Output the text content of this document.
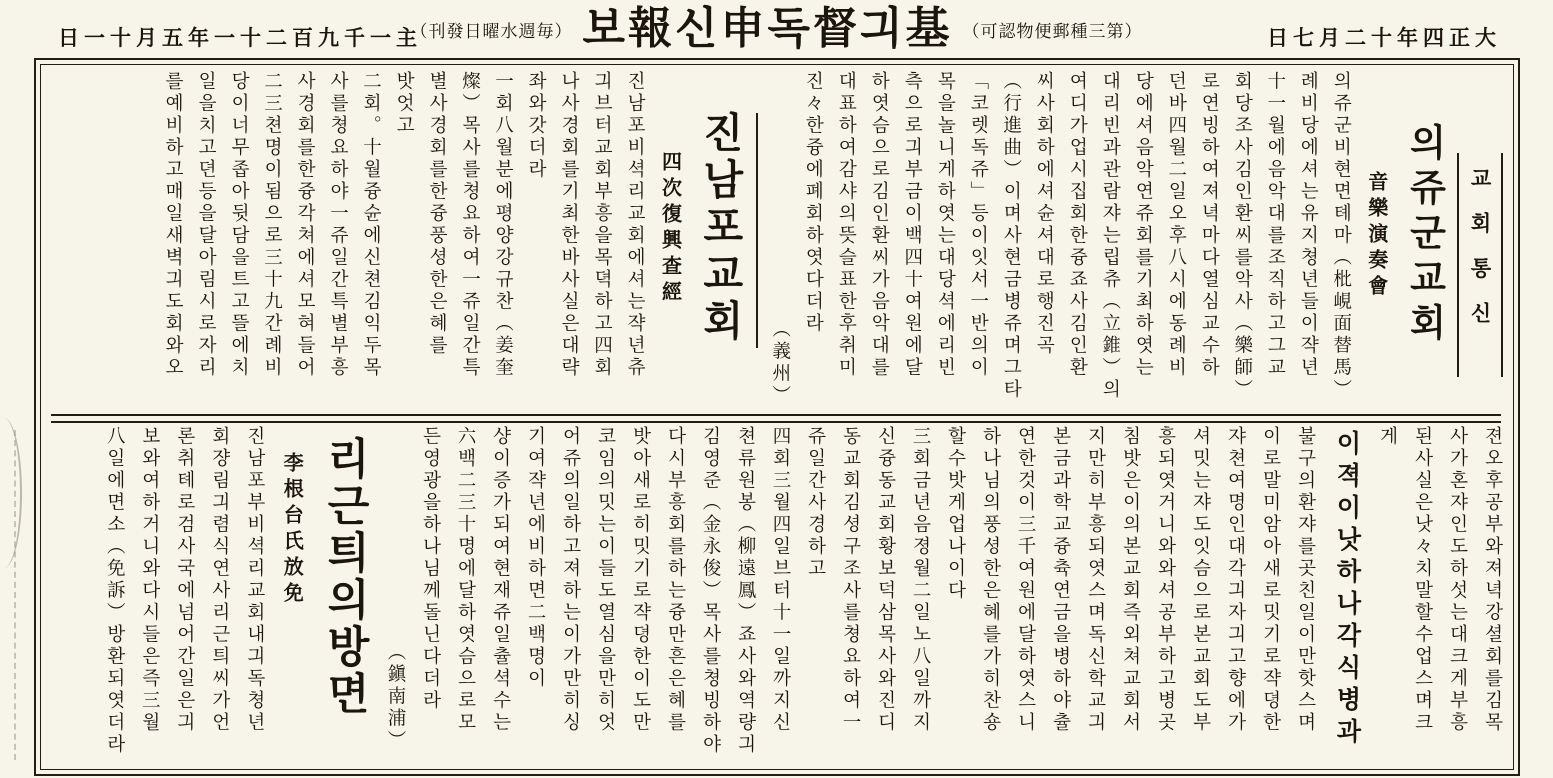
日一十月五年一十二百九千一主
（刊發日曜水週毎） 보報신申독督긔基 （可認物便郵種三第）	日七月二十年四正大
교회통신
의쥬군교회
音樂演奏會
의쥬군비현면톄마（枇峴面替馬）
례비당에셔는유지쳥년들이쟉년
十一월에음악대를조직하고그교
회당조사김인환씨를악사（樂師）
로연빙하여져녁마다열심교수하
던바四월二일오후八시에동례비
당에셔음악연쥬회를기최하엿는
대리빈과관람쟈는립츄（立錐）의
여디가업시집회한즁죠사김인환
씨사회하에셔슌셔대로행진곡
（行進曲）이며사현금병쥬며그타
「코렛독쥬」등이잇서一반의이
목을놀니게하엿는대당셕에리빈
측으로긔부금이백四十여원에달
하엿슴으로김인환씨가음악대를
대표하여감샤의뜻슬표한후취미
진々한즁에폐회하엿다더라
（義州）
진남포교회
四次復興查經
진남포비셕리교회에셔는쟉년츄
긔브터교회부흥을목뎍하고四회
나사경회를기최한바사실은대략
좌와갓더라
一회八월분에평양강규찬（姜奎
燦）목사를쳥요하여一쥬일간특
별사경회를한즁풍셩한은혜를
밧엇고
二회。十월즁슌에신쳔김익두목
사를쳥요하야一쥬일간특별부흥
사경회를한즁각쳐에셔모혀들어
二三쳔명이됨으로三十九간례비
당이너무좁아뒷담을트고뜰에치
일을치고뎐등을달아림시로자리
를예비하고매일새벽긔도회와오
젼오후공부와져녁강셜회를김목
사가혼쟈인도하섯는대크게부흥
된사실은낫々치말할수업스며크
게
이젹이낫하나각식병과
불구의환쟈를곳친일이만핫스며
이로말미암아새로밋기로쟉뎡한
쟈쳔여명인대각긔자긔고향에가
셔밋는쟈도잇슴으로본교회도부
흥되엿거니와와셔공부하고병곳
침밧은이의본교회즉외쳐교회서
지만히부흥되엿스며독신학교긔
본금과학교즁츅연금을병하야츌
연한것이三千여원에달하엿스니
하나님의풍셩한은혜를가히찬숑
할수밧게업나이다
三회금년음졍월二일노八일까지
신즁동교회황보덕삼목사와진디
동교회김셩구조사를쳥요하여一
쥬일간사경하고
四회三월四일브터十一일까지신
쳔류원봉（柳遠鳳）죠사와역량긔
김영준（金永俊）목사를쳥빙하야
다시부흥회를하는즁만흔은혜를
밧아새로히밋기로쟉뎡한이도만
코임의밋는이들도열심을만히엇
어쥬의일하고져하는이가만히싱
기여쟉년에비하면二백명이
샹이증가되여현재쥬일츌셕수는
六백二三十명에달하엿슴으로모
든영광을하나님께돌닌다더라
（鎭南浦）
리근틔의방면
李根台氏放免
진남포부비셕리교회내긔독쳥년
회쟝림긔렴식연사리근틔씨가언
론취톄로검사국에넘어간일은긔
보와여하거니와다시들은즉三월
八일에면소（免訴）방환되엿더라
